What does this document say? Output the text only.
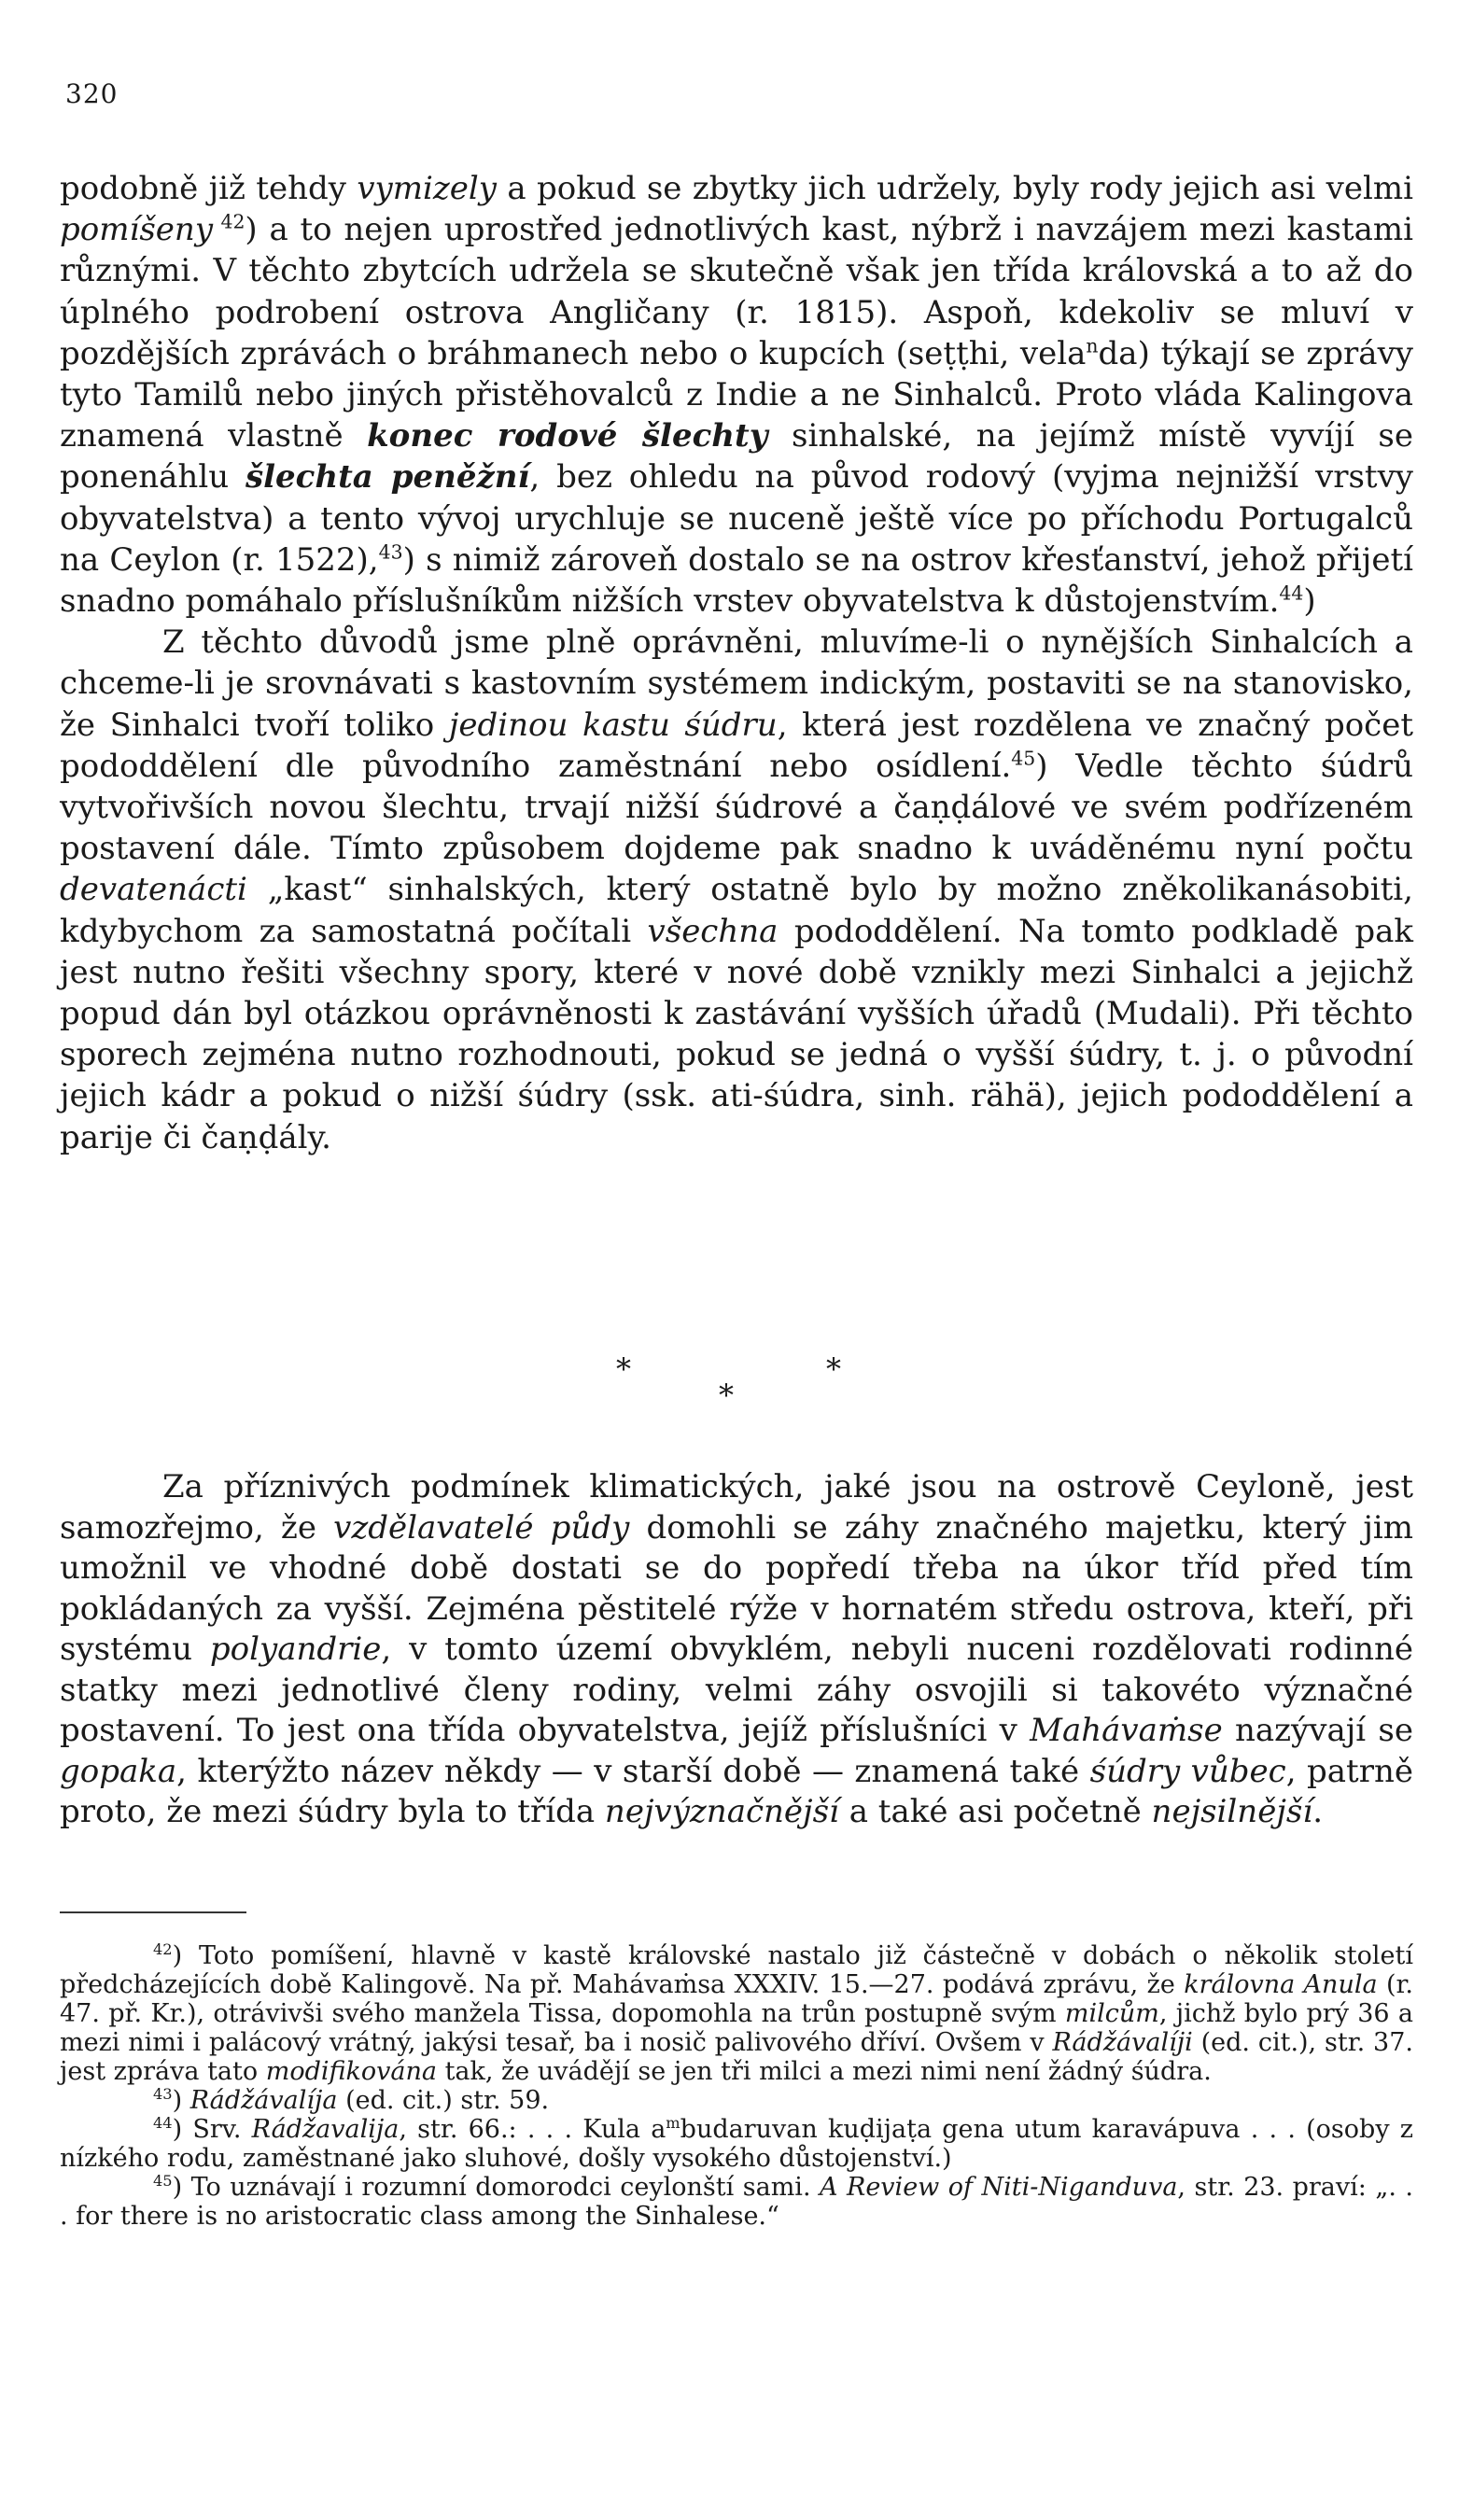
320

podobně již tehdy vymizely a pokud se zbytky jich udržely, byly rody jejich asi velmi pomíšeny $^{42}$) a to nejen uprostřed jednotlivých kast, nýbrž i navzájem mezi kastami různými. V těchto zbytcích udržela se skutečně však jen třída královská a to až do úplného podrobení ostrova Angličany (r. 1815). Aspoň, kdekoliv se mluví v pozdějších zprávách o bráhmanech nebo o kupcích (seṭṭhi, vela$^n$da) týkají se zprávy tyto Tamilů nebo jiných přistěhovalců z Indie a ne Sinhalců. Proto vláda Kalingova znamená vlastně konec rodové šlechty sinhalské, na jejímž místě vyvíjí se ponenáhlu šlechta peněžní, bez ohledu na původ rodový (vyjma nejnižší vrstvy obyvatelstva) a tento vývoj urychluje se nuceně ještě více po příchodu Portugalců na Ceylon (r. 1522),$^{43}$) s nimiž zároveň dostalo se na ostrov křesťanství, jehož přijetí snadno pomáhalo příslušníkům nižších vrstev obyvatelstva k důstojenstvím.$^{44}$)

Z těchto důvodů jsme plně oprávněni, mluvíme-li o nynějších Sinhalcích a chceme-li je srovnávati s kastovním systémem indickým, postaviti se na stanovisko, že Sinhalci tvoří toliko jedinou kastu śúdru, která jest rozdělena ve značný počet pododdělení dle původního zaměstnání nebo osídlení.$^{45}$) Vedle těchto śúdrů vytvořivších novou šlechtu, trvají nižší śúdrové a čaṇḍálové ve svém podřízeném postavení dále. Tímto způsobem dojdeme pak snadno k uváděnému nyní počtu devatenácti „kast“ sinhalských, který ostatně bylo by možno zněkolikanásobiti, kdybychom za samostatná počítali všechna pododdělení. Na tomto podkladě pak jest nutno řešiti všechny spory, které v nové době vznikly mezi Sinhalci a jejichž popud dán byl otázkou oprávněnosti k zastávání vyšších úřadů (Mudali). Při těchto sporech zejména nutno rozhodnouti, pokud se jedná o vyšší śúdry, t. j. o původní jejich kádr a pokud o nižší śúdry (ssk. ati-śúdra, sinh. rähä), jejich pododdělení a parije či čaṇḍály.

*	*
*

Za příznivých podmínek klimatických, jaké jsou na ostrově Ceyloně, jest samozřejmo, že vzdělavatelé půdy domohli se záhy značného majetku, který jim umožnil ve vhodné době dostati se do popředí třeba na úkor tříd před tím pokládaných za vyšší. Zejména pěstitelé rýže v hornatém středu ostrova, kteří, při systému polyandrie, v tomto území obvyklém, nebyli nuceni rozdělovati rodinné statky mezi jednotlivé členy rodiny, velmi záhy osvojili si takovéto význačné postavení. To jest ona třída obyvatelstva, jejíž příslušníci v Mahávaṁse nazývají se gopaka, kterýžto název někdy — v starší době — znamená také śúdry vůbec, patrně proto, že mezi śúdry byla to třída nejvýznačnější a také asi početně nejsilnější.

$^{42}$) Toto pomíšení, hlavně v kastě královské nastalo již částečně v dobách o několik století předcházejících době Kalingově. Na př. Mahávaṁsa XXXIV. 15.—27. podává zprávu, že královna Anula (r. 47. př. Kr.), otrávivši svého manžela Tissa, dopomohla na trůn postupně svým milcům, jichž bylo prý 36 a mezi nimi i palácový vrátný, jakýsi tesař, ba i nosič palivového dříví. Ovšem v Rádžávalíji (ed. cit.), str. 37. jest zpráva tato modifikována tak, že uvádějí se jen tři milci a mezi nimi není žádný śúdra.

$^{43}$) Rádžávalíja (ed. cit.) str. 59.

$^{44}$) Srv. Rádžavalija, str. 66.: . . . Kula $a^mbudaruvan$ kuḍijaṭa gena utum karavápuva . . . (osoby z nízkého rodu, zaměstnané jako sluhové, došly vysokého důstojenství.)

$^{45}$) To uznávají i rozumní domorodci ceylonští sami. A Review of Niti-Niganduva, str. 23. praví: „. . . for there is no aristocratic class among the Sinhalese.“
